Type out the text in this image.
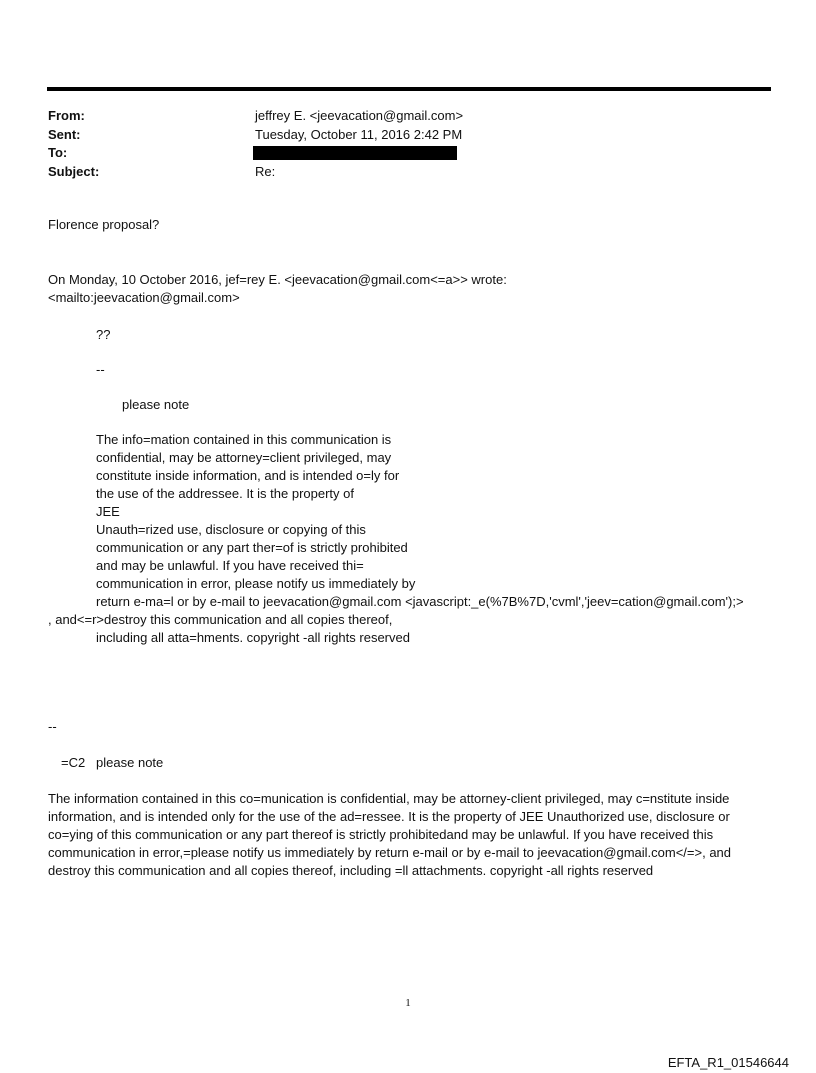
From:	jeffrey E. <jeevacation@gmail.com>
Sent:	Tuesday, October 11, 2016 2:42 PM
To:
Subject:	Re:
Florence proposal?
On Monday, 10 October 2016, jef=rey E. <jeevacation@gmail.com<=a>> wrote:
<mailto:jeevacation@gmail.com>
??
--
please note
The info=mation contained in this communication is
confidential, may be attorney=client privileged, may
constitute inside information, and is intended o=ly for
the use of the addressee. It is the property of
JEE
Unauth=rized use, disclosure or copying of this
communication or any part ther=of is strictly prohibited
and may be unlawful. If you have received thi=
communication in error, please notify us immediately by
return e-ma=l or by e-mail to jeevacation@gmail.com <javascript:_e(%7B%7D,'cvml','jeev=cation@gmail.com');>
, and<=r>destroy this communication and all copies thereof,
including all atta=hments. copyright -all rights reserved
--
=C2   please note
The information contained in this co=munication is confidential, may be attorney-client privileged, may c=nstitute inside
information, and is intended only for the use of the ad=ressee. It is the property of JEE Unauthorized use, disclosure or
co=ying of this communication or any part thereof is strictly prohibitedand may be unlawful. If you have received this
communication in error,=please notify us immediately by return e-mail or by e-mail to jeevacation@gmail.com</=>, and
destroy this communication and all copies thereof, including =ll attachments. copyright -all rights reserved
1
EFTA_R1_01546644
